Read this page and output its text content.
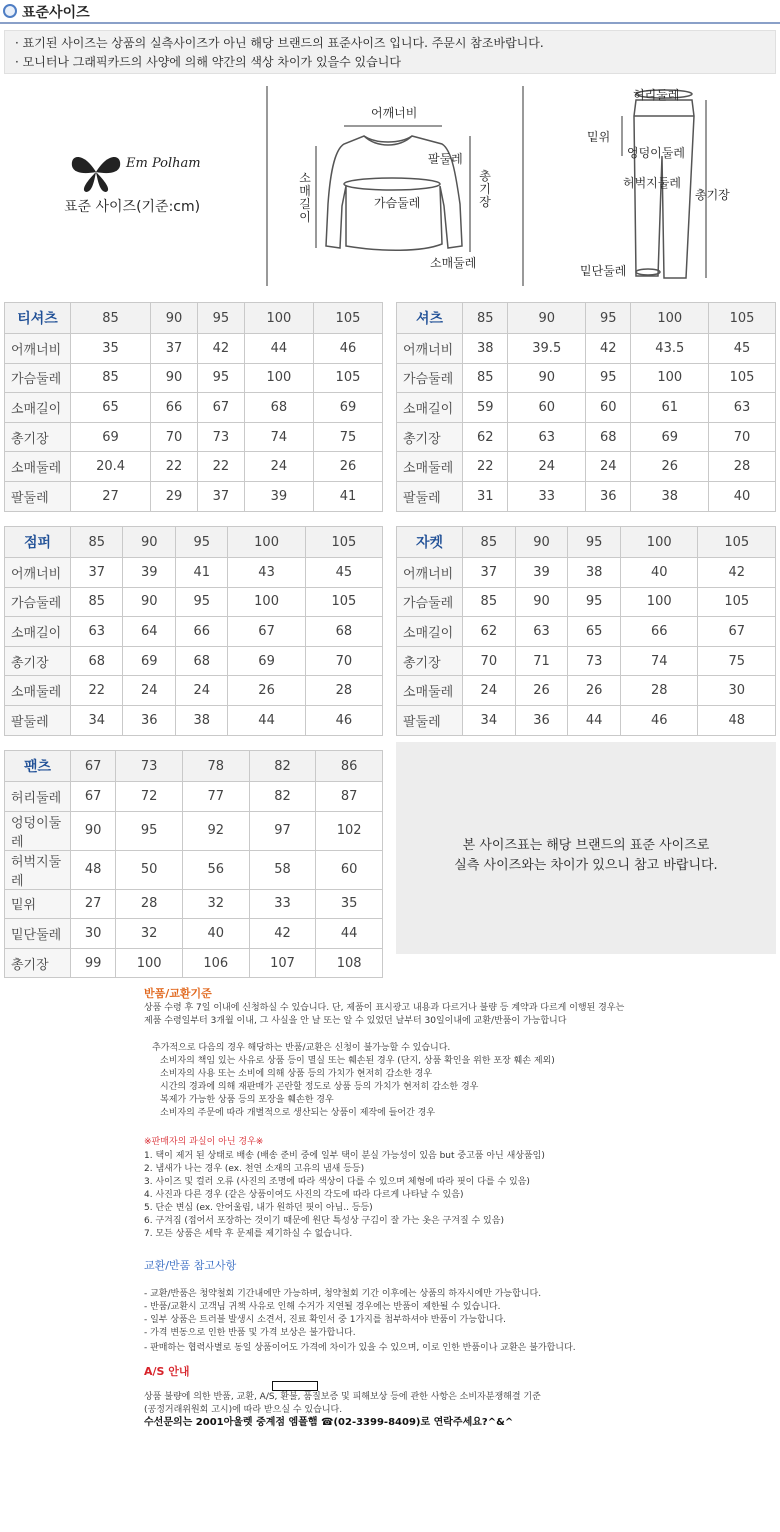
표준사이즈
· 표기된 사이즈는 상품의 실측사이즈가 아닌 해당 브랜드의 표준사이즈 입니다. 주문시 참조바랍니다.
· 모니터나 그래픽카드의 사양에 의해 약간의 색상 차이가 있을수 있습니다
Em Polham
표준 사이즈(기준:cm)
어깨너비
팔둘레
소매길이
총기장
가슴둘레
소매둘레
허리둘레
밑위
엉덩이둘레
허벅지둘레
총기장
밑단둘레
티셔츠	85	90	95	100	105
어깨너비	35	37	42	44	46
가슴둘레	85	90	95	100	105
소매길이	65	66	67	68	69
총기장	69	70	73	74	75
소매둘레	20.4	22	22	24	26
팔둘레	27	29	37	39	41
셔츠	85	90	95	100	105
어깨너비	38	39.5	42	43.5	45
가슴둘레	85	90	95	100	105
소매길이	59	60	60	61	63
총기장	62	63	68	69	70
소매둘레	22	24	24	26	28
팔둘레	31	33	36	38	40
점퍼	85	90	95	100	105
어깨너비	37	39	41	43	45
가슴둘레	85	90	95	100	105
소매길이	63	64	66	67	68
총기장	68	69	68	69	70
소매둘레	22	24	24	26	28
팔둘레	34	36	38	44	46
자켓	85	90	95	100	105
어깨너비	37	39	38	40	42
가슴둘레	85	90	95	100	105
소매길이	62	63	65	66	67
총기장	70	71	73	74	75
소매둘레	24	26	26	28	30
팔둘레	34	36	44	46	48
팬츠	67	73	78	82	86
허리둘레	67	72	77	82	87
엉덩이둘레	90	95	92	97	102
허벅지둘레	48	50	56	58	60
밑위	27	28	32	33	35
밑단둘레	30	32	40	42	44
총기장	99	100	106	107	108
본 사이즈표는 해당 브랜드의 표준 사이즈로
실측 사이즈와는 차이가 있으니 참고 바랍니다.
반품/교환기준
상품 수령 후 7일 이내에 신청하실 수 있습니다. 단, 제품이 표시광고 내용과 다르거나 불량 등 계약과 다르게 이행된 경우는
제품 수령일부터 3개월 이내, 그 사실을 안 날 또는 알 수 있었던 날부터 30일이내에 교환/반품이 가능합니다
추가적으로 다음의 경우 해당하는 반품/교환은 신청이 불가능할 수 있습니다.
소비자의 책임 있는 사유로 상품 등이 멸실 또는 훼손된 경우 (단지, 상품 확인을 위한 포장 훼손 제외)
소비자의 사용 또는 소비에 의해 상품 등의 가치가 현저히 감소한 경우
시간의 경과에 의해 재판매가 곤란할 정도로 상품 등의 가치가 현저히 감소한 경우
복제가 가능한 상품 등의 포장을 훼손한 경우
소비자의 주문에 따라 개별적으로 생산되는 상품이 제작에 들어간 경우
※판매자의 과실이 아닌 경우※
1. 택이 제거 된 상태로 배송 (배송 준비 중에 일부 택이 분실 가능성이 있음 but 중고품 아닌 새상품임)
2. 냄새가 나는 경우 (ex. 천연 소재의 고유의 냄새 등등)
3. 사이즈 및 컬러 오류 (사진의 조명에 따라 색상이 다를 수 있으며 체형에 따라 핏이 다를 수 있음)
4. 사진과 다른 경우 (같은 상품이여도 사진의 각도에 따라 다르게 나타날 수 있음)
5. 단순 변심 (ex. 안어울림, 내가 원하던 핏이 아님.. 등등)
6. 구겨짐 (접어서 포장하는 것이기 때문에 원단 특성상 구김이 잘 가는 옷은 구겨질 수 있음)
7. 모든 상품은 세탁 후 문제를 제기하실 수 없습니다.
교환/반품 참고사항
- 교환/반품은 청약철회 기간내에만 가능하며, 청약철회 기간 이후에는 상품의 하자시에만 가능합니다.
- 반품/교환시 고객님 귀책 사유로 인해 수거가 지연될 경우에는 반품이 제한될 수 있습니다.
- 일부 상품은 트러블 발생시 소견서, 진료 확인서 중 1가지를 첨부하셔야 반품이 가능합니다.
- 가격 변동으로 인한 반품 및 가격 보상은 불가합니다.
- 판매하는 협력사별로 동일 상품이어도 가격에 차이가 있을 수 있으며, 이로 인한 반품이나 교환은 불가합니다.
A/S 안내
상품 불량에 의한 반품, 교환, A/S, 환불, 품질보증 및 피해보상 등에 관한 사항은 소비자분쟁해결 기준
(공정거래위원회 고시)에 따라 받으실 수 있습니다.
수선문의는 2001아울렛 중계점 엠폴햄 ☎(02-3399-8409)로 연락주세요?^&^
